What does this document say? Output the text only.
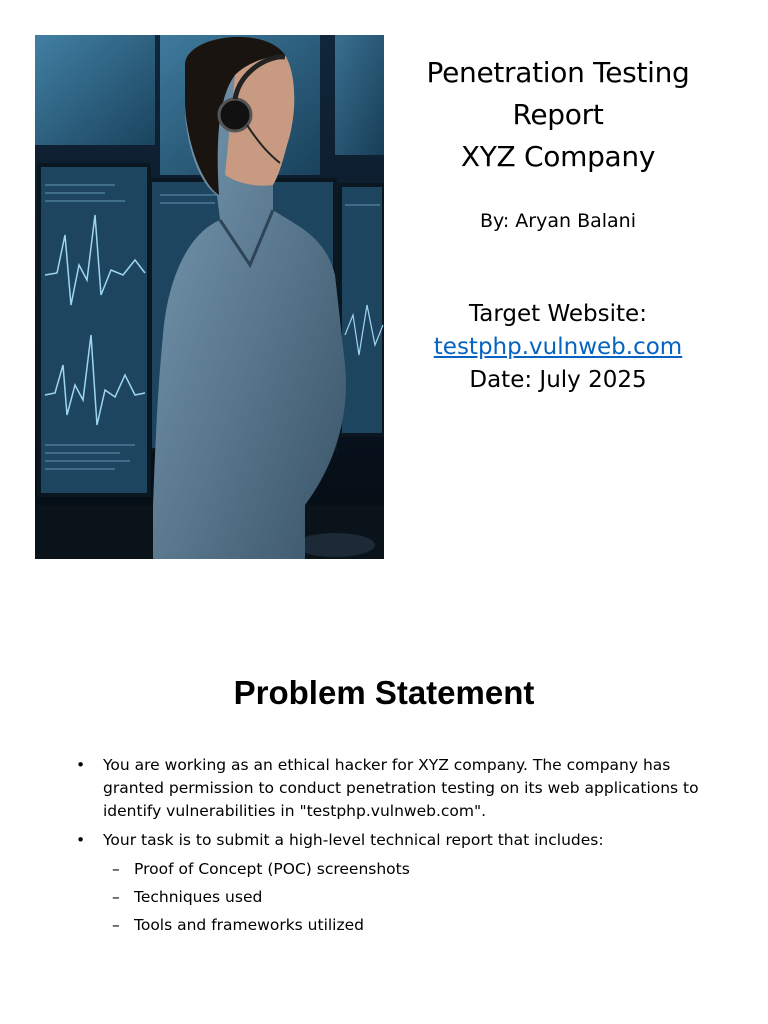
Penetration Testing

Report

XYZ Company

By: Aryan Balani
Target Website:
testphp.vulnweb.com
Date: July 2025
Problem Statement
•	You are working as an ethical hacker for XYZ company. The company has granted permission to conduct penetration testing on its web applications to identify vulnerabilities in "testphp.vulnweb.com".
•	Your task is to submit a high-level technical report that includes:
– Proof of Concept (POC) screenshots
– Techniques used
– Tools and frameworks utilized
